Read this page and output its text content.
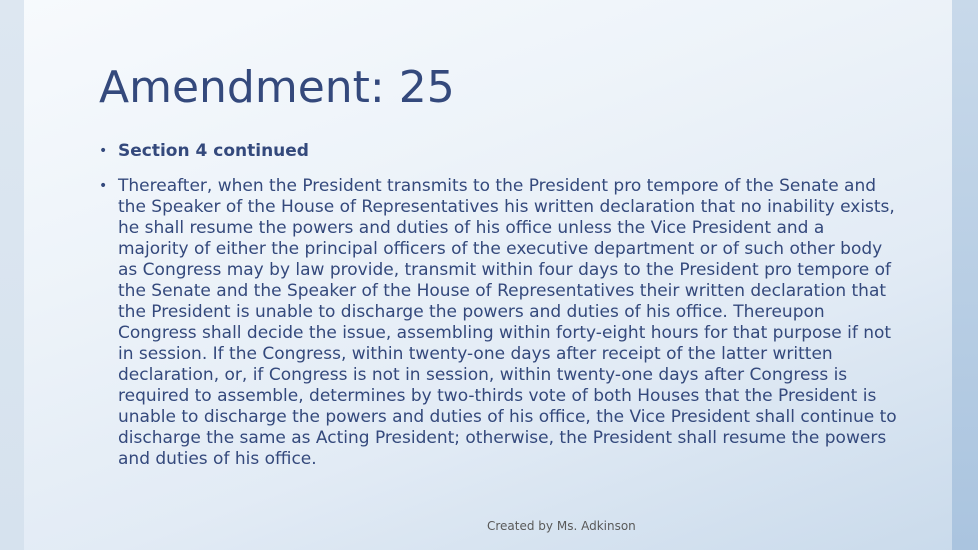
Amendment: 25
• Section 4 continued
• Thereafter, when the President transmits to the President pro tempore of the Senate and the Speaker of the House of Representatives his written declaration that no inability exists, he shall resume the powers and duties of his office unless the Vice President and a majority of either the principal officers of the executive department or of such other body as Congress may by law provide, transmit within four days to the President pro tempore of the Senate and the Speaker of the House of Representatives their written declaration that the President is unable to discharge the powers and duties of his office. Thereupon Congress shall decide the issue, assembling within forty-eight hours for that purpose if not in session. If the Congress, within twenty-one days after receipt of the latter written declaration, or, if Congress is not in session, within twenty-one days after Congress is required to assemble, determines by two-thirds vote of both Houses that the President is unable to discharge the powers and duties of his office, the Vice President shall continue to discharge the same as Acting President; otherwise, the President shall resume the powers and duties of his office.
Created by Ms. Adkinson
